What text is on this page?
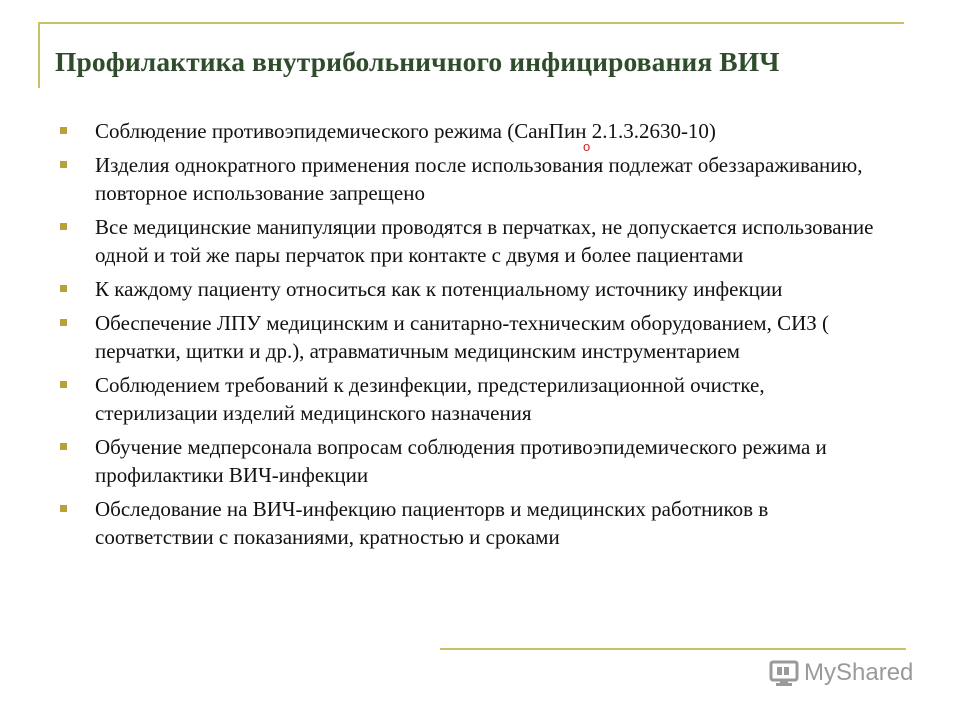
Профилактика внутрибольничного инфицирования ВИЧ
Соблюдение противоэпидемического режима (СанПин 2.1.3.2630-10)
Изделия однократного применения после использования подлежат обеззараживанию, повторное использование запрещено
Все медицинские манипуляции проводятся в перчатках, не допускается использование одной и той же пары перчаток при контакте с двумя и более пациентами
К каждому пациенту относиться как к потенциальному источнику инфекции
Обеспечение ЛПУ медицинским и санитарно-техническим оборудованием, СИЗ ( перчатки, щитки и др.), атравматичным медицинским инструментарием
Соблюдением требований к дезинфекции, предстерилизационной очистке, стерилизации изделий медицинского назначения
Обучение медперсонала вопросам соблюдения противоэпидемического режима и профилактики ВИЧ-инфекции
Обследование на ВИЧ-инфекцию пациенторв и медицинских работников в соответствии с показаниями, кратностью и сроками
о
MyShared
